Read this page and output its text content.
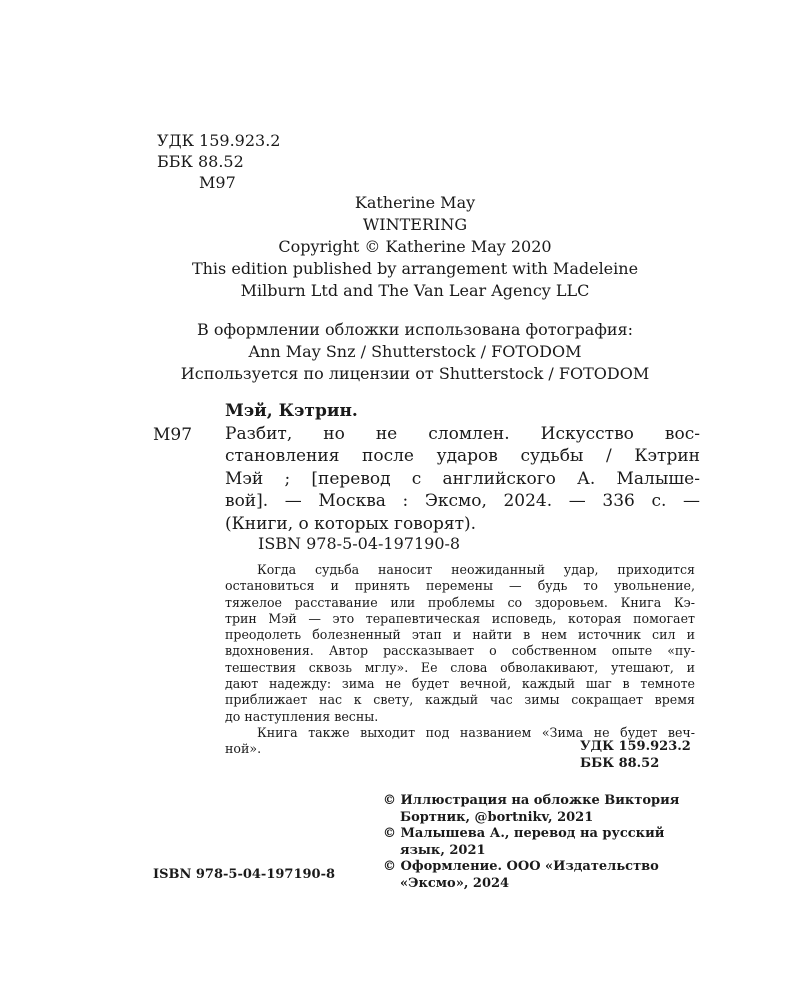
УДК 159.923.2
ББК 88.52
М97
Katherine May
WINTERING
Copyright © Katherine May 2020
This edition published by arrangement with Madeleine
Milburn Ltd and The Van Lear Agency LLC
В оформлении обложки использована фотография:
Ann May Snz / Shutterstock / FOTODOM
Используется по лицензии от Shutterstock / FOTODOM
М97
Мэй, Кэтрин.
Разбит, но не сломлен. Искусство вос-
становления после ударов судьбы / Кэтрин
Мэй ; [перевод с английского А. Малыше-
вой]. — Москва : Эксмо, 2024. — 336 с. —
(Книги, о которых говорят).
ISBN 978-5-04-197190-8
Когда судьба наносит неожиданный удар, приходится
остановиться и принять перемены — будь то увольнение,
тяжелое расставание или проблемы со здоровьем. Книга Кэ-
трин Мэй — это терапевтическая исповедь, которая помогает
преодолеть болезненный этап и найти в нем источник сил и
вдохновения. Автор рассказывает о собственном опыте «пу-
тешествия сквозь мглу». Ее слова обволакивают, утешают, и
дают надежду: зима не будет вечной, каждый шаг в темноте
приближает нас к свету, каждый час зимы сокращает время
до наступления весны.
Книга также выходит под названием «Зима не будет веч-
ной».	УДК 159.923.2
ББК 88.52
© Иллюстрация на обложке Виктория
Бортник, @bortnikv, 2021
© Малышева А., перевод на русский
язык, 2021
© Оформление. ООО «Издательство
«Эксмо», 2024
ISBN 978-5-04-197190-8
